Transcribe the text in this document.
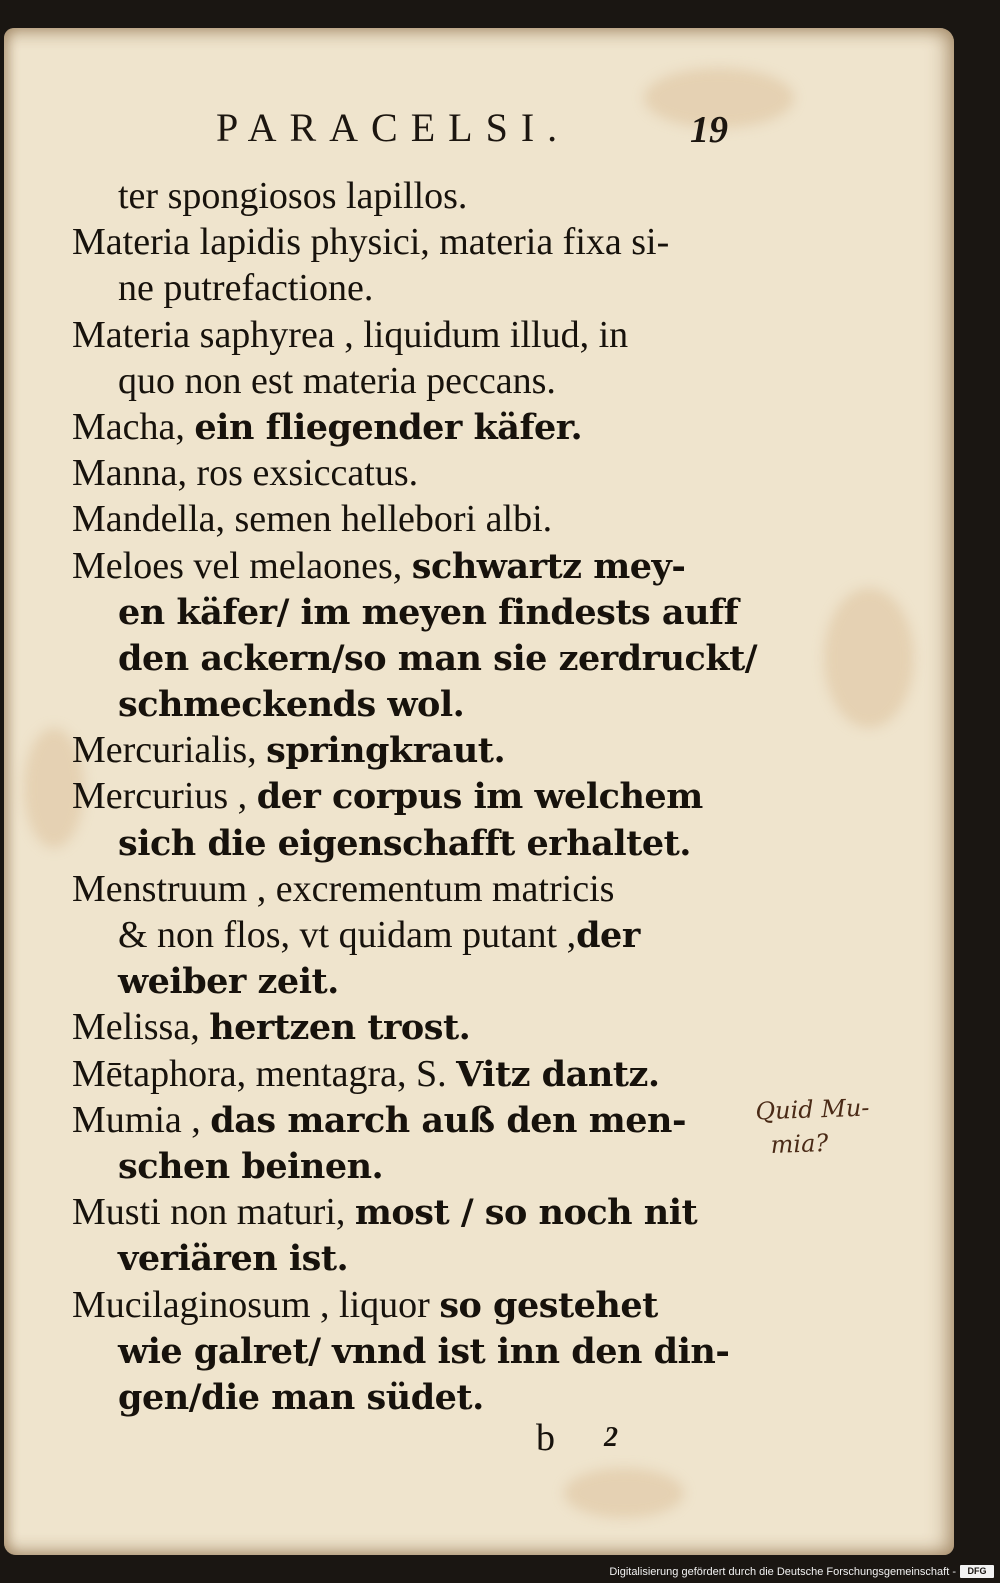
PARACELSI.	19
ter spongiosos lapillos.
Materia lapidis physici, materia fixa si-
ne putrefactione.
Materia saphyrea , liquidum illud, in
quo non est materia peccans.
Macha, ein fliegender käfer.
Manna, ros exsiccatus.
Mandella, semen hellebori albi.
Meloes vel melaones, schwartz mey-
en käfer/ im meyen findests auff
den ackern/so man sie zerdruckt/
schmeckends wol.
Mercurialis, springkraut.
Mercurius , der corpus im welchem
sich die eigenschafft erhaltet.
Menstruum , excrementum matricis
& non flos, vt quidam putant ,der
weiber zeit.
Melissa, hertzen trost.
Mētaphora, mentagra, S. Vitz dantz.
Mumia , das march auß den men-
schen beinen.
Musti non maturi, most / so noch nit
veriären ist.
Mucilaginosum , liquor so gestehet
wie galret/ vnnd ist inn den din-
gen/die man südet.
Quid Mu-
mia?
b 2
Digitalisierung gefördert durch die Deutsche Forschungsgemeinschaft -	DFG
